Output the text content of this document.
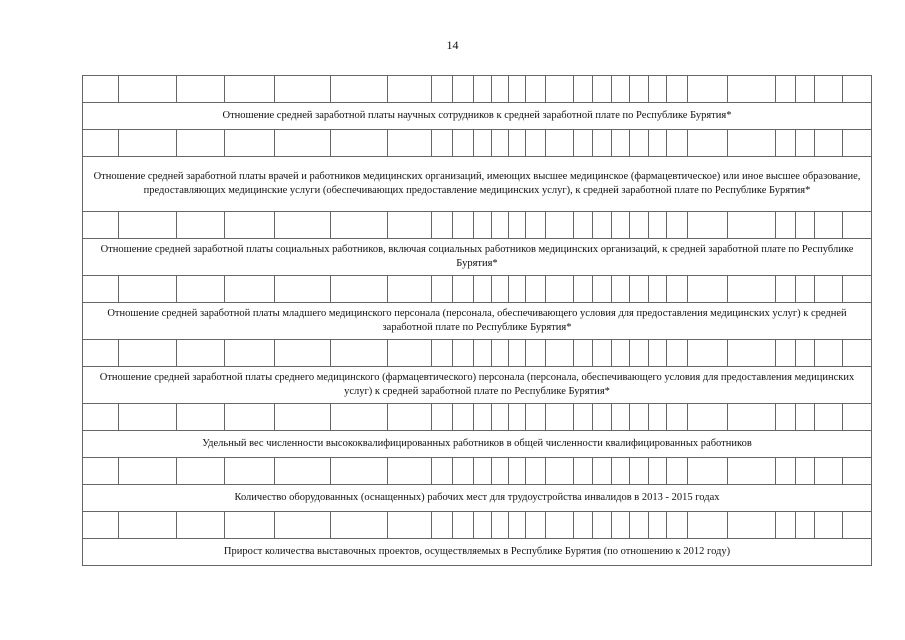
14

Отношение средней заработной платы научных сотрудников к средней заработной плате по Республике Бурятия*																									

Отношение средней заработной платы врачей и работников медицинских организаций, имеющих высшее медицинское (фармацевтическое) или иное высшее образование, предоставляющих медицинские услуги (обеспечивающих предоставление медицинских услуг), к средней заработной плате по Республике Бурятия*																									

Отношение средней заработной платы социальных работников, включая социальных работников медицинских организаций, к средней заработной плате по Республике Бурятия*																									

Отношение средней заработной платы младшего медицинского персонала (персонала, обеспечивающего условия для предоставления медицинских услуг) к средней заработной плате по Республике Бурятия*																									

Отношение средней заработной платы среднего медицинского (фармацевтического) персонала (персонала, обеспечивающего условия для предоставления медицинских услуг) к средней заработной плате по Республике Бурятия*																									

Удельный вес численности высококвалифицированных работников в общей численности квалифицированных работников																									

Количество оборудованных (оснащенных) рабочих мест для трудоустройства инвалидов в 2013 - 2015 годах																									

Прирост количества выставочных проектов, осуществляемых в Республике Бурятия (по отношению к 2012 году)																									
